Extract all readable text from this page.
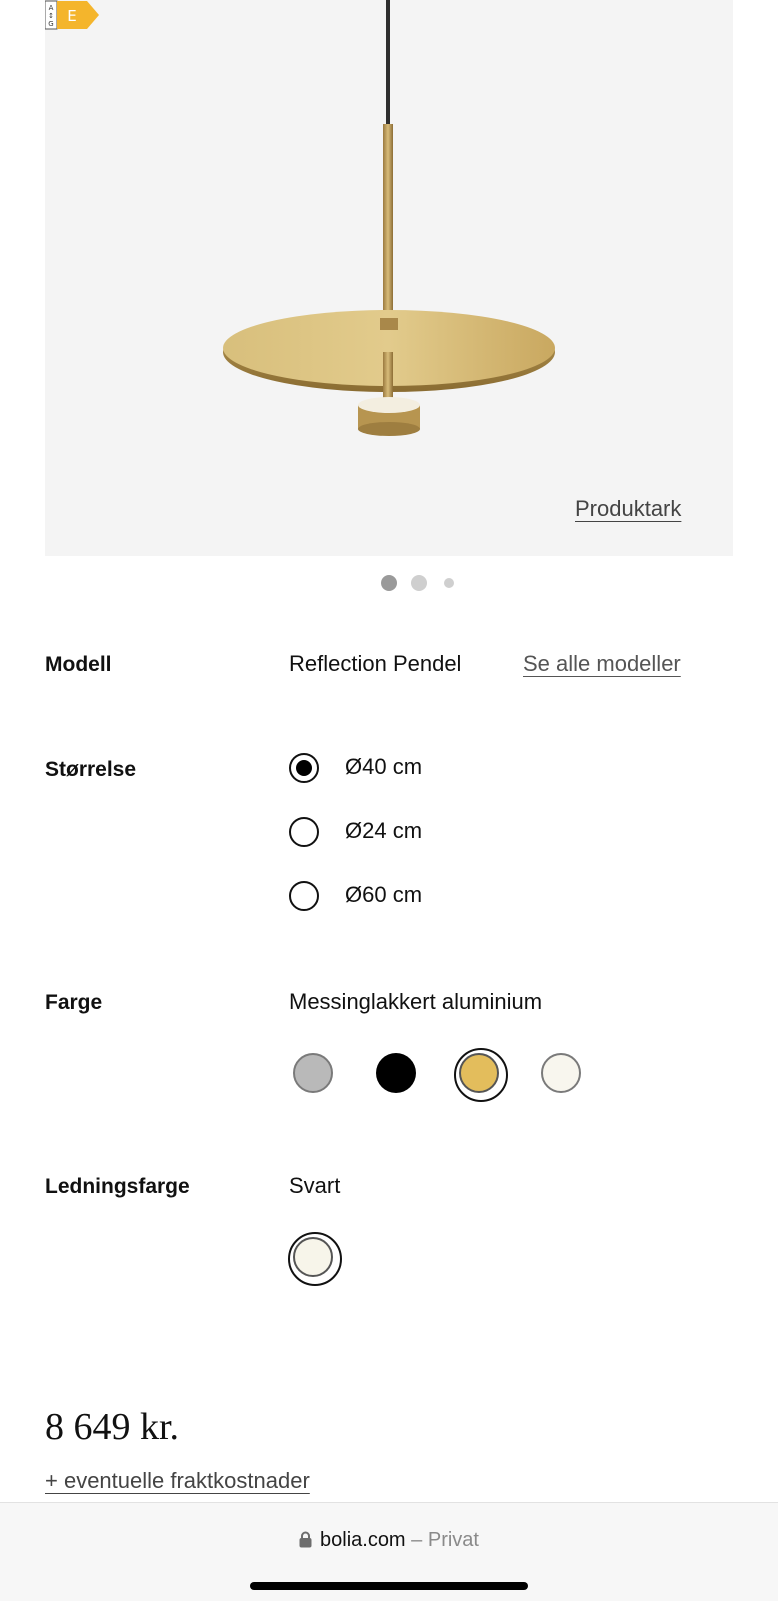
A
↕
G E
Produktark
Modell	Reflection Pendel	Se alle modeller
Størrelse	Ø40 cm
Ø24 cm
Ø60 cm
Farge	Messinglakkert aluminium
Ledningsfarge	Svart
8 649 kr.
+ eventuelle fraktkostnader
bolia.com – Privat
